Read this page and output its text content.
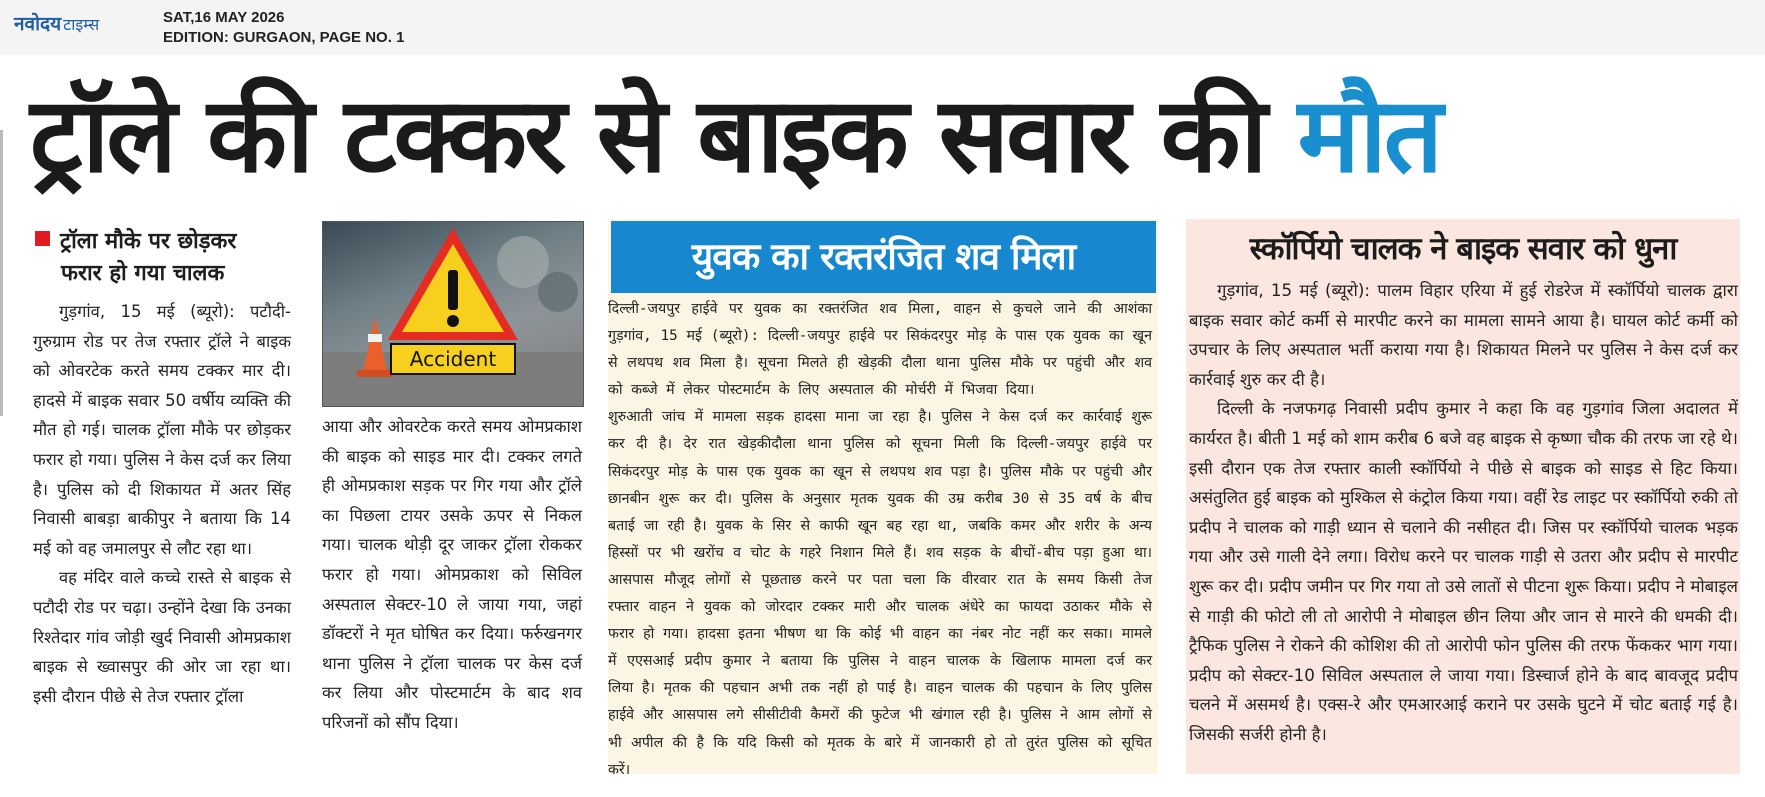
नवोदय टाइम्स	SAT,16 MAY 2026
EDITION: GURGAON, PAGE NO. 1
ट्रॉले की टक्कर से बाइक सवार की मौत
ट्रॉला मौके पर छोड़कर
फरार हो गया चालक

गुड़गांव, 15 मई (ब्यूरो): पटौदी-गुरुग्राम रोड पर तेज रफ्तार ट्रॉले ने बाइक को ओवरटेक करते समय टक्कर मार दी। हादसे में बाइक सवार 50 वर्षीय व्यक्ति की मौत हो गई। चालक ट्रॉला मौके पर छोड़कर फरार हो गया। पुलिस ने केस दर्ज कर लिया है। पुलिस को दी शिकायत में अतर सिंह निवासी बाबड़ा बाकीपुर ने बताया कि 14 मई को वह जमालपुर से लौट रहा था।

वह मंदिर वाले कच्चे रास्ते से बाइक से पटौदी रोड पर चढ़ा। उन्होंने देखा कि उनका रिश्तेदार गांव जोड़ी खुर्द निवासी ओमप्रकाश बाइक से ख्वासपुर की ओर जा रहा था। इसी दौरान पीछे से तेज रफ्तार ट्रॉला

Accident

आया और ओवरटेक करते समय ओमप्रकाश की बाइक को साइड मार दी। टक्कर लगते ही ओमप्रकाश सड़क पर गिर गया और ट्रॉले का पिछला टायर उसके ऊपर से निकल गया। चालक थोड़ी दूर जाकर ट्रॉला रोककर फरार हो गया। ओमप्रकाश को सिविल अस्पताल सेक्टर-10 ले जाया गया, जहां डॉक्टरों ने मृत घोषित कर दिया। फर्रुखनगर थाना पुलिस ने ट्रॉला चालक पर केस दर्ज कर लिया और पोस्टमार्टम के बाद शव परिजनों को सौंप दिया।

युवक का रक्तरंजित शव मिला

दिल्ली-जयपुर हाईवे पर युवक का रक्तरंजित शव मिला, वाहन से कुचले जाने की आशंका गुड़गांव, 15 मई (ब्यूरो): दिल्ली-जयपुर हाईवे पर सिकंदरपुर मोड़ के पास एक युवक का खून से लथपथ शव मिला है। सूचना मिलते ही खेड़की दौला थाना पुलिस मौके पर पहुंची और शव को कब्जे में लेकर पोस्टमार्टम के लिए अस्पताल की मोर्चरी में भिजवा दिया।

शुरुआती जांच में मामला सड़क हादसा माना जा रहा है। पुलिस ने केस दर्ज कर कार्रवाई शुरू कर दी है। देर रात खेड़कीदौला थाना पुलिस को सूचना मिली कि दिल्ली-जयपुर हाईवे पर सिकंदरपुर मोड़ के पास एक युवक का खून से लथपथ शव पड़ा है। पुलिस मौके पर पहुंची और छानबीन शुरू कर दी। पुलिस के अनुसार मृतक युवक की उम्र करीब 30 से 35 वर्ष के बीच बताई जा रही है। युवक के सिर से काफी खून बह रहा था, जबकि कमर और शरीर के अन्य हिस्सों पर भी खरोंच व चोट के गहरे निशान मिले हैं। शव सड़क के बीचों-बीच पड़ा हुआ था। आसपास मौजूद लोगों से पूछताछ करने पर पता चला कि वीरवार रात के समय किसी तेज रफ्तार वाहन ने युवक को जोरदार टक्कर मारी और चालक अंधेरे का फायदा उठाकर मौके से फरार हो गया। हादसा इतना भीषण था कि कोई भी वाहन का नंबर नोट नहीं कर सका। मामले में एएसआई प्रदीप कुमार ने बताया कि पुलिस ने वाहन चालक के खिलाफ मामला दर्ज कर लिया है। मृतक की पहचान अभी तक नहीं हो पाई है। वाहन चालक की पहचान के लिए पुलिस हाईवे और आसपास लगे सीसीटीवी कैमरों की फुटेज भी खंगाल रही है। पुलिस ने आम लोगों से भी अपील की है कि यदि किसी को मृतक के बारे में जानकारी हो तो तुरंत पुलिस को सूचित करें।

स्कॉर्पियो चालक ने बाइक सवार को धुना

गुड़गांव, 15 मई (ब्यूरो): पालम विहार एरिया में हुई रोडरेज में स्कॉर्पियो चालक द्वारा बाइक सवार कोर्ट कर्मी से मारपीट करने का मामला सामने आया है। घायल कोर्ट कर्मी को उपचार के लिए अस्पताल भर्ती कराया गया है। शिकायत मिलने पर पुलिस ने केस दर्ज कर कार्रवाई शुरु कर दी है।

दिल्ली के नजफगढ़ निवासी प्रदीप कुमार ने कहा कि वह गुड़गांव जिला अदालत में कार्यरत है। बीती 1 मई को शाम करीब 6 बजे वह बाइक से कृष्णा चौक की तरफ जा रहे थे। इसी दौरान एक तेज रफ्तार काली स्कॉर्पियो ने पीछे से बाइक को साइड से हिट किया। असंतुलित हुई बाइक को मुश्किल से कंट्रोल किया गया। वहीं रेड लाइट पर स्कॉर्पियो रुकी तो प्रदीप ने चालक को गाड़ी ध्यान से चलाने की नसीहत दी। जिस पर स्कॉर्पियो चालक भड़क गया और उसे गाली देने लगा। विरोध करने पर चालक गाड़ी से उतरा और प्रदीप से मारपीट शुरू कर दी। प्रदीप जमीन पर गिर गया तो उसे लातों से पीटना शुरू किया। प्रदीप ने मोबाइल से गाड़ी की फोटो ली तो आरोपी ने मोबाइल छीन लिया और जान से मारने की धमकी दी। ट्रैफिक पुलिस ने रोकने की कोशिश की तो आरोपी फोन पुलिस की तरफ फेंककर भाग गया। प्रदीप को सेक्टर-10 सिविल अस्पताल ले जाया गया। डिस्चार्ज होने के बाद बावजूद प्रदीप चलने में असमर्थ है। एक्स-रे और एमआरआई कराने पर उसके घुटने में चोट बताई गई है। जिसकी सर्जरी होनी है।
